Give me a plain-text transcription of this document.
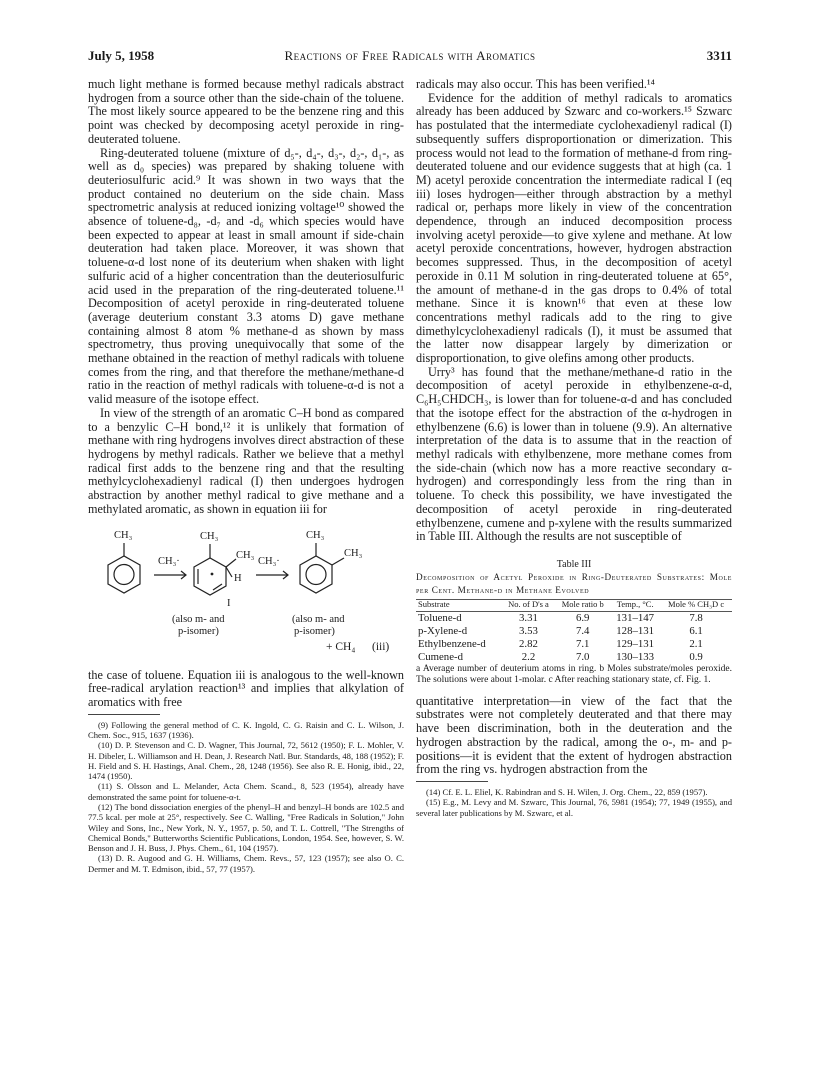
July 5, 1958	Reactions of Free Radicals with Aromatics	3311

much light methane is formed because methyl radicals abstract hydrogen from a source other than the side-chain of the toluene. The most likely source appeared to be the benzene ring and this point was checked by decomposing acetyl peroxide in ring-deuterated toluene.

Ring-deuterated toluene (mixture of d₅-, d₄-, d₃-, d₂-, d₁-, as well as d₀ species) was prepared by shaking toluene with deuteriosulfuric acid.⁹ It was shown in two ways that the product contained no deuterium on the side chain. Mass spectrometric analysis at reduced ionizing voltage¹⁰ showed the absence of toluene-d₈, -d₇ and -d₆ which species would have been expected to appear at least in small amount if side-chain deuteration had taken place. Moreover, it was shown that toluene-α-d lost none of its deuterium when shaken with light sulfuric acid of a higher concentration than the deuteriosulfuric acid used in the preparation of the ring-deuterated toluene.¹¹ Decomposition of acetyl peroxide in ring-deuterated toluene (average deuterium constant 3.3 atoms D) gave methane containing almost 8 atom % methane-d as shown by mass spectrometry, thus proving unequivocally that some of the methane obtained in the reaction of methyl radicals with toluene comes from the ring, and that therefore the methane/methane-d ratio in the reaction of methyl radicals with toluene-α-d is not a valid measure of the isotope effect.

In view of the strength of an aromatic C–H bond as compared to a benzylic C–H bond,¹² it is unlikely that formation of methane with ring hydrogens involves direct abstraction of these hydrogens by methyl radicals. Rather we believe that a methyl radical first adds to the benzene ring and that the resulting methylcyclohexadienyl radical (I) then undergoes hydrogen abstraction by another methyl radical to give methane and a methylated aromatic, as shown in equation iii for

CH₃
CH₃·
CH₃
CH₃
H
CH₃·
CH₃
CH₃
I
(also m- and
p-isomer)
(also m- and
p-isomer)
+ CH₄ (iii)

the case of toluene. Equation iii is analogous to the well-known free-radical arylation reaction¹³ and implies that alkylation of aromatics with free

(9) Following the general method of C. K. Ingold, C. G. Raisin and C. L. Wilson, J. Chem. Soc., 915, 1637 (1936).

(10) D. P. Stevenson and C. D. Wagner, This Journal, 72, 5612 (1950); F. L. Mohler, V. H. Dibeler, L. Williamson and H. Dean, J. Research Natl. Bur. Standards, 48, 188 (1952); F. H. Field and S. H. Hastings, Anal. Chem., 28, 1248 (1956). See also R. E. Honig, ibid., 22, 1474 (1950).

(11) S. Olsson and L. Melander, Acta Chem. Scand., 8, 523 (1954), already have demonstrated the same point for toluene-α-t.

(12) The bond dissociation energies of the phenyl–H and benzyl–H bonds are 102.5 and 77.5 kcal. per mole at 25°, respectively. See C. Walling, "Free Radicals in Solution," John Wiley and Sons, Inc., New York, N. Y., 1957, p. 50, and T. L. Cottrell, "The Strengths of Chemical Bonds," Butterworths Scientific Publications, London, 1954. See, however, S. W. Benson and J. H. Buss, J. Phys. Chem., 61, 104 (1957).

(13) D. R. Augood and G. H. Williams, Chem. Revs., 57, 123 (1957); see also O. C. Dermer and M. T. Edmison, ibid., 57, 77 (1957).

radicals may also occur. This has been verified.¹⁴

Evidence for the addition of methyl radicals to aromatics already has been adduced by Szwarc and co-workers.¹⁵ Szwarc has postulated that the intermediate cyclohexadienyl radical (I) subsequently suffers disproportionation or dimerization. This process would not lead to the formation of methane-d from ring-deuterated toluene and our evidence suggests that at high (ca. 1 M) acetyl peroxide concentration the intermediate radical I (eq iii) loses hydrogen—either through abstraction by a methyl radical or, perhaps more likely in view of the concentration dependence, through an induced decomposition process involving acetyl peroxide—to give xylene and methane. At low acetyl peroxide concentrations, however, hydrogen abstraction becomes suppressed. Thus, in the decomposition of acetyl peroxide in 0.11 M solution in ring-deuterated toluene at 65°, the amount of methane-d in the gas drops to 0.4% of total methane. Since it is known¹⁶ that even at these low concentrations methyl radicals add to the ring to give dimethylcyclohexadienyl radicals (I), it must be assumed that the latter now disappear largely by dimerization or disproportionation, to give olefins among other products.

Urry³ has found that the methane/methane-d ratio in the decomposition of acetyl peroxide in ethylbenzene-α-d, C₆H₅CHDCH₃, is lower than for toluene-α-d and has concluded that the isotope effect for the abstraction of the α-hydrogen in ethylbenzene (6.6) is lower than in toluene (9.9). An alternative interpretation of the data is to assume that in the reaction of methyl radicals with ethylbenzene, more methane comes from the side-chain (which now has a more reactive secondary α-hydrogen) and correspondingly less from the ring than in toluene. To check this possibility, we have investigated the decomposition of acetyl peroxide in ring-deuterated ethylbenzene, cumene and p-xylene with the results summarized in Table III. Although the results are not susceptible of

Table III
Decomposition of Acetyl Peroxide in Ring-Deuterated Substrates: Mole per Cent. Methane-d in Methane Evolved
Substrate	No. of D's a	Mole ratio b	Temp., °C.	Mole % CH₃D c
Toluene-d	3.31	6.9	131–147	7.8
p-Xylene-d	3.53	7.4	128–131	6.1
Ethylbenzene-d	2.82	7.1	129–131	2.1
Cumene-d	2.2	7.0	130–133	0.9
a Average number of deuterium atoms in ring. b Moles substrate/moles peroxide. The solutions were about 1-molar. c After reaching stationary state, cf. Fig. 1.

quantitative interpretation—in view of the fact that the substrates were not completely deuterated and that there may have been discrimination, both in the deuteration and the hydrogen abstraction by the radical, among the o-, m- and p-positions—it is evident that the extent of hydrogen abstraction from the ring vs. hydrogen abstraction from the

(14) Cf. E. L. Eliel, K. Rabindran and S. H. Wilen, J. Org. Chem., 22, 859 (1957).

(15) E.g., M. Levy and M. Szwarc, This Journal, 76, 5981 (1954); 77, 1949 (1955), and several later publications by M. Szwarc, et al.
